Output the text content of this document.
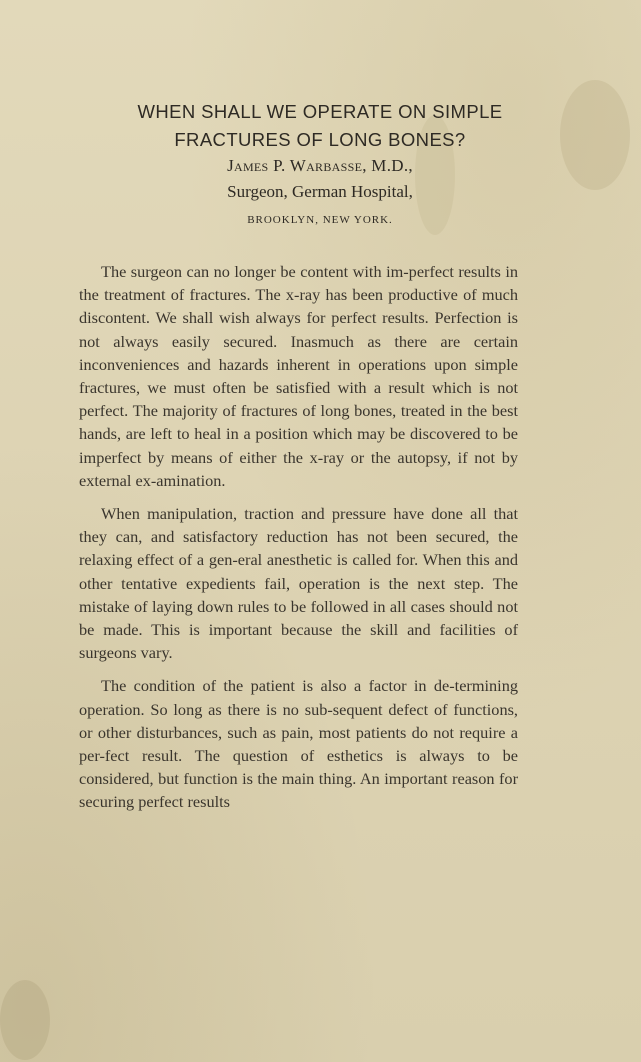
WHEN SHALL WE OPERATE ON SIMPLE
FRACTURES OF LONG BONES?
James P. Warbasse, M.D.,
Surgeon, German Hospital,
BROOKLYN, NEW YORK.

The surgeon can no longer be content with im-perfect results in the treatment of fractures. The x-ray has been productive of much discontent. We shall wish always for perfect results. Perfection is not always easily secured. Inasmuch as there are certain inconveniences and hazards inherent in operations upon simple fractures, we must often be satisfied with a result which is not perfect. The majority of fractures of long bones, treated in the best hands, are left to heal in a position which may be discovered to be imperfect by means of either the x-ray or the autopsy, if not by external ex-amination.

When manipulation, traction and pressure have done all that they can, and satisfactory reduction has not been secured, the relaxing effect of a gen-eral anesthetic is called for. When this and other tentative expedients fail, operation is the next step. The mistake of laying down rules to be followed in all cases should not be made. This is important because the skill and facilities of surgeons vary.

The condition of the patient is also a factor in de-termining operation. So long as there is no sub-sequent defect of functions, or other disturbances, such as pain, most patients do not require a per-fect result. The question of esthetics is always to be considered, but function is the main thing. An important reason for securing perfect results
